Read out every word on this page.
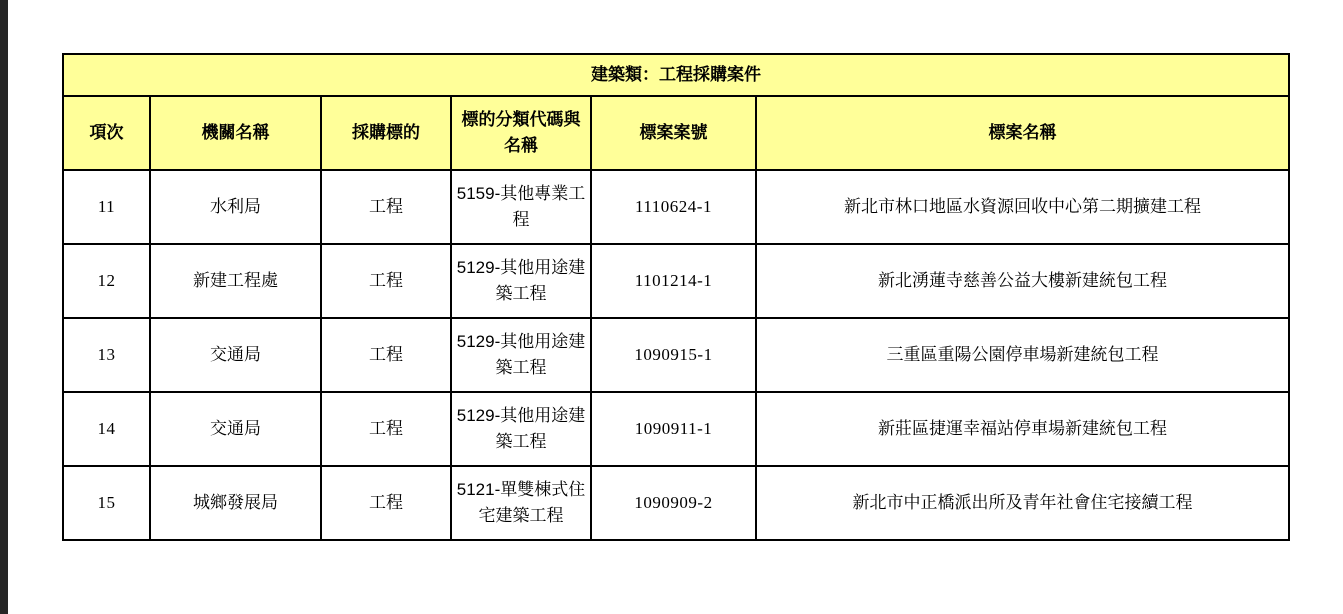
建築類：工程採購案件					
項次	機關名稱	採購標的	標的分類代碼與名稱	標案案號	標案名稱
11	水利局	工程	5159-其他專業工程	1110624-1	新北市林口地區水資源回收中心第二期擴建工程
12	新建工程處	工程	5129-其他用途建築工程	1101214-1	新北湧蓮寺慈善公益大樓新建統包工程
13	交通局	工程	5129-其他用途建築工程	1090915-1	三重區重陽公園停車場新建統包工程
14	交通局	工程	5129-其他用途建築工程	1090911-1	新莊區捷運幸福站停車場新建統包工程
15	城鄉發展局	工程	5121-單雙棟式住宅建築工程	1090909-2	新北市中正橋派出所及青年社會住宅接續工程
